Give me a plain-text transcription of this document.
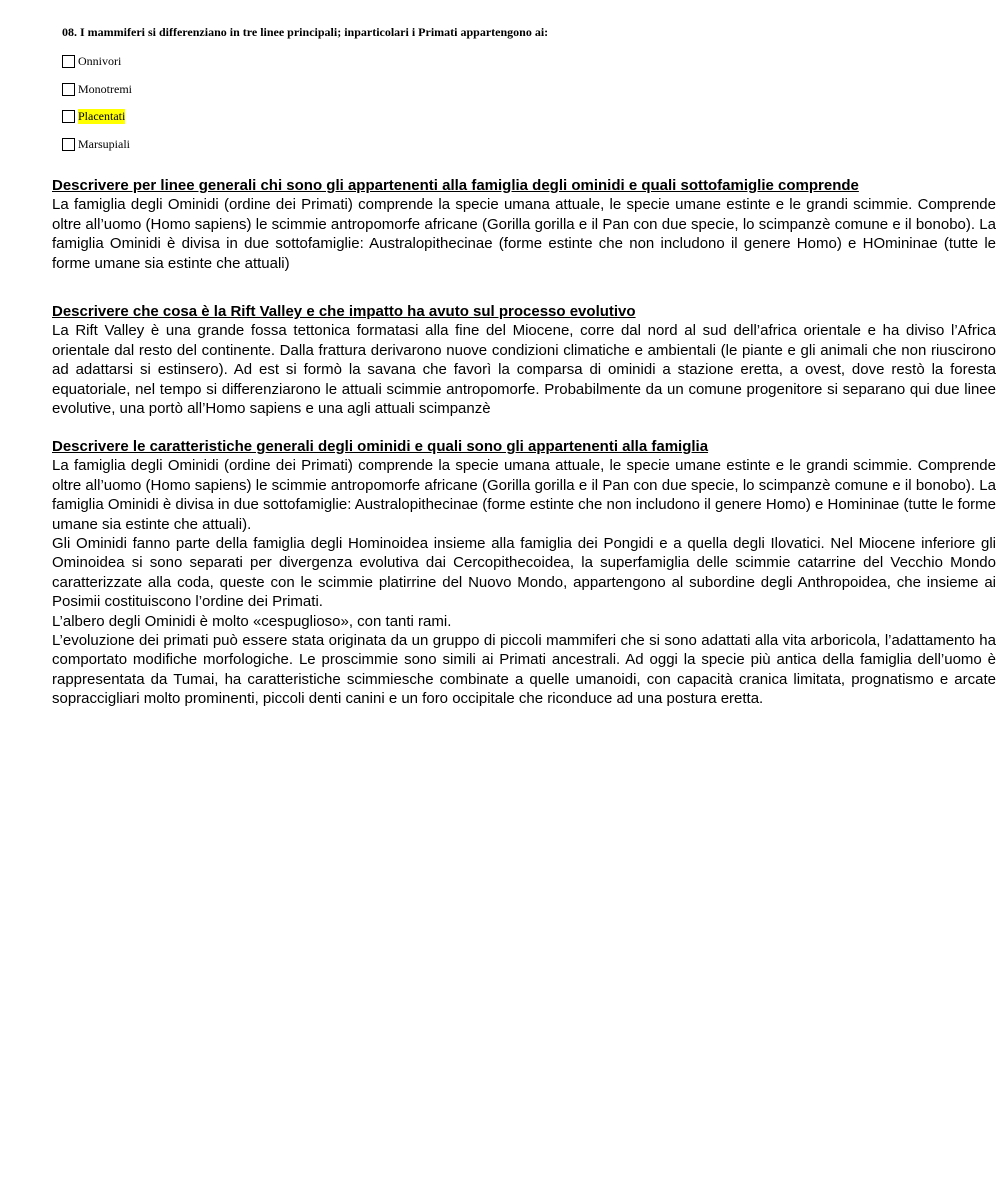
08. I mammiferi si differenziano in tre linee principali; inparticolari i Primati appartengono ai:
Onnivori
Monotremi
Placentati
Marsupiali
Descrivere per linee generali chi sono gli appartenenti alla famiglia degli ominidi e quali sottofamiglie comprende

La famiglia degli Ominidi (ordine dei Primati) comprende la specie umana attuale, le specie umane estinte e le grandi scimmie. Comprende oltre all’uomo (Homo sapiens) le scimmie antropomorfe africane (Gorilla gorilla e il Pan con due specie, lo scimpanzè comune e il bonobo). La famiglia Ominidi è divisa in due sottofamiglie: Australopithecinae (forme estinte che non includono il genere Homo) e HOmininae (tutte le forme umane sia estinte che attuali)

Descrivere che cosa è la Rift Valley e che impatto ha avuto sul processo evolutivo

La Rift Valley è una grande fossa tettonica formatasi alla fine del Miocene, corre dal nord al sud dell’africa orientale e ha diviso l’Africa orientale dal resto del continente. Dalla frattura derivarono nuove condizioni climatiche e ambientali (le piante e gli animali che non riuscirono ad adattarsi si estinsero). Ad est si formò la savana che favorì la comparsa di ominidi a stazione eretta, a ovest, dove restò la foresta equatoriale, nel tempo si differenziarono le attuali scimmie antropomorfe. Probabilmente da un comune progenitore si separano qui due linee evolutive, una portò all’Homo sapiens e una agli attuali scimpanzè

Descrivere le caratteristiche generali degli ominidi e quali sono gli appartenenti alla famiglia

La famiglia degli Ominidi (ordine dei Primati) comprende la specie umana attuale, le specie umane estinte e le grandi scimmie. Comprende oltre all’uomo (Homo sapiens) le scimmie antropomorfe africane (Gorilla gorilla e il Pan con due specie, lo scimpanzè comune e il bonobo). La famiglia Ominidi è divisa in due sottofamiglie: Australopithecinae (forme estinte che non includono il genere Homo) e Homininae (tutte le forme umane sia estinte che attuali).

Gli Ominidi fanno parte della famiglia degli Hominoidea insieme alla famiglia dei Pongidi e a quella degli Ilovatici. Nel Miocene inferiore gli Ominoidea si sono separati per divergenza evolutiva dai Cercopithecoidea, la superfamiglia delle scimmie catarrine del Vecchio Mondo caratterizzate alla coda, queste con le scimmie platirrine del Nuovo Mondo, appartengono al subordine degli Anthropoidea, che insieme ai Posimii costituiscono l’ordine dei Primati.

L’albero degli Ominidi è molto «cespuglioso», con tanti rami.

L’evoluzione dei primati può essere stata originata da un gruppo di piccoli mammiferi che si sono adattati alla vita arboricola, l’adattamento ha comportato modifiche morfologiche. Le proscimmie sono simili ai Primati ancestrali. Ad oggi la specie più antica della famiglia dell’uomo è rappresentata da Tumai, ha caratteristiche scimmiesche combinate a quelle umanoidi, con capacità cranica limitata, prognatismo e arcate sopraccigliari molto prominenti, piccoli denti canini e un foro occipitale che riconduce ad una postura eretta.
